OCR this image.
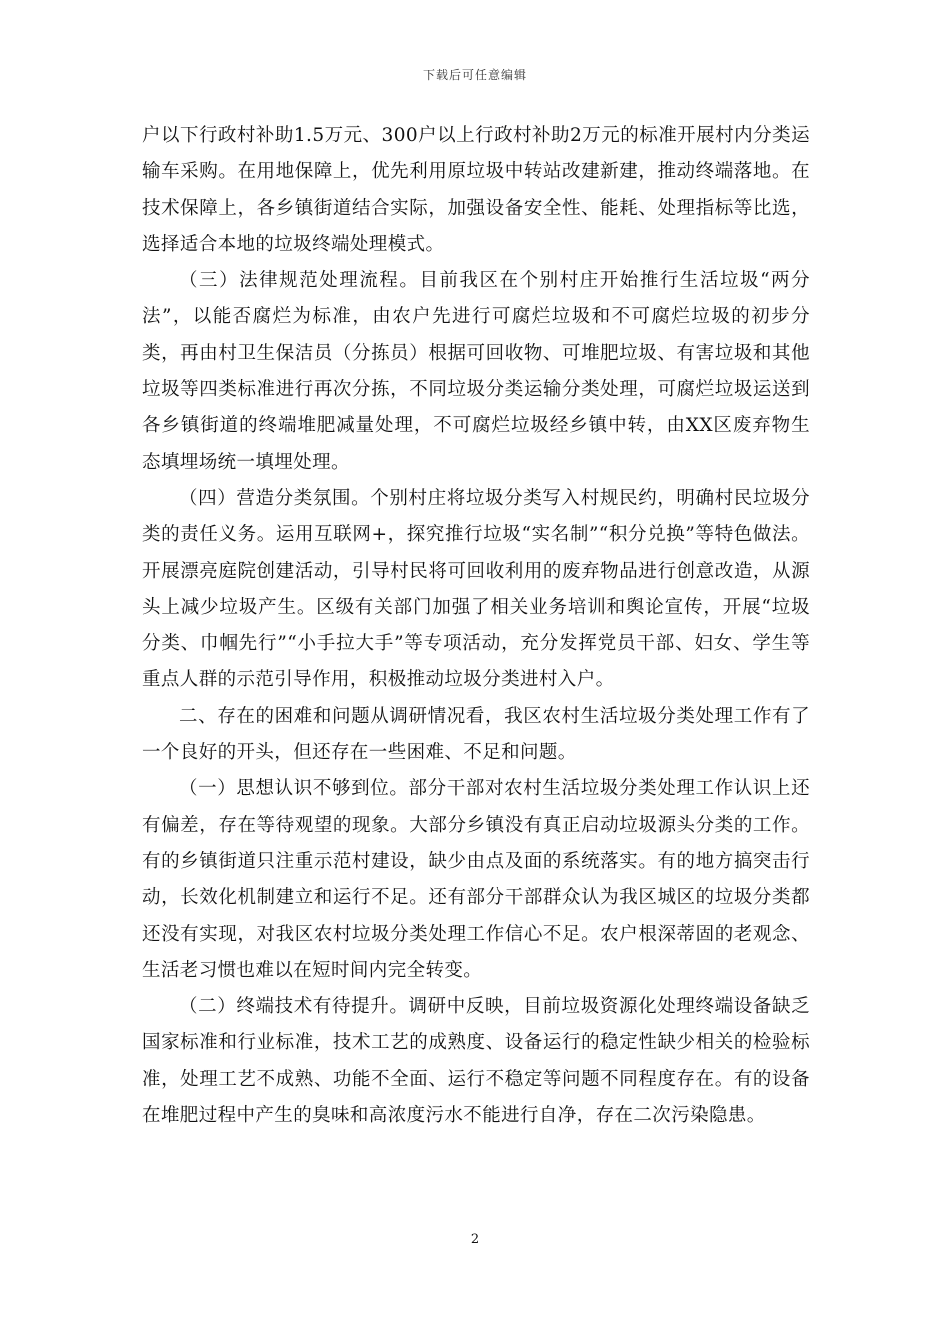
下载后可任意编辑

户以下行政村补助1.5万元、300户以上行政村补助2万元的标准开展村内分类运输车采购。在用地保障上，优先利用原垃圾中转站改建新建，推动终端落地。在技术保障上，各乡镇街道结合实际，加强设备安全性、能耗、处理指标等比选，选择适合本地的垃圾终端处理模式。

（三）法律规范处理流程。目前我区在个别村庄开始推行生活垃圾“两分法”，以能否腐烂为标准，由农户先进行可腐烂垃圾和不可腐烂垃圾的初步分类，再由村卫生保洁员（分拣员）根据可回收物、可堆肥垃圾、有害垃圾和其他垃圾等四类标准进行再次分拣，不同垃圾分类运输分类处理，可腐烂垃圾运送到各乡镇街道的终端堆肥减量处理，不可腐烂垃圾经乡镇中转，由XX区废弃物生态填埋场统一填埋处理。

（四）营造分类氛围。个别村庄将垃圾分类写入村规民约，明确村民垃圾分类的责任义务。运用互联网+，探究推行垃圾“实名制”“积分兑换”等特色做法。开展漂亮庭院创建活动，引导村民将可回收利用的废弃物品进行创意改造，从源头上减少垃圾产生。区级有关部门加强了相关业务培训和舆论宣传，开展“垃圾分类、巾帼先行”“小手拉大手”等专项活动，充分发挥党员干部、妇女、学生等重点人群的示范引导作用，积极推动垃圾分类进村入户。

二、存在的困难和问题从调研情况看，我区农村生活垃圾分类处理工作有了一个良好的开头，但还存在一些困难、不足和问题。

（一）思想认识不够到位。部分干部对农村生活垃圾分类处理工作认识上还有偏差，存在等待观望的现象。大部分乡镇没有真正启动垃圾源头分类的工作。有的乡镇街道只注重示范村建设，缺少由点及面的系统落实。有的地方搞突击行动，长效化机制建立和运行不足。还有部分干部群众认为我区城区的垃圾分类都还没有实现，对我区农村垃圾分类处理工作信心不足。农户根深蒂固的老观念、生活老习惯也难以在短时间内完全转变。

（二）终端技术有待提升。调研中反映，目前垃圾资源化处理终端设备缺乏国家标准和行业标准，技术工艺的成熟度、设备运行的稳定性缺少相关的检验标准，处理工艺不成熟、功能不全面、运行不稳定等问题不同程度存在。有的设备在堆肥过程中产生的臭味和高浓度污水不能进行自净，存在二次污染隐患。

2
